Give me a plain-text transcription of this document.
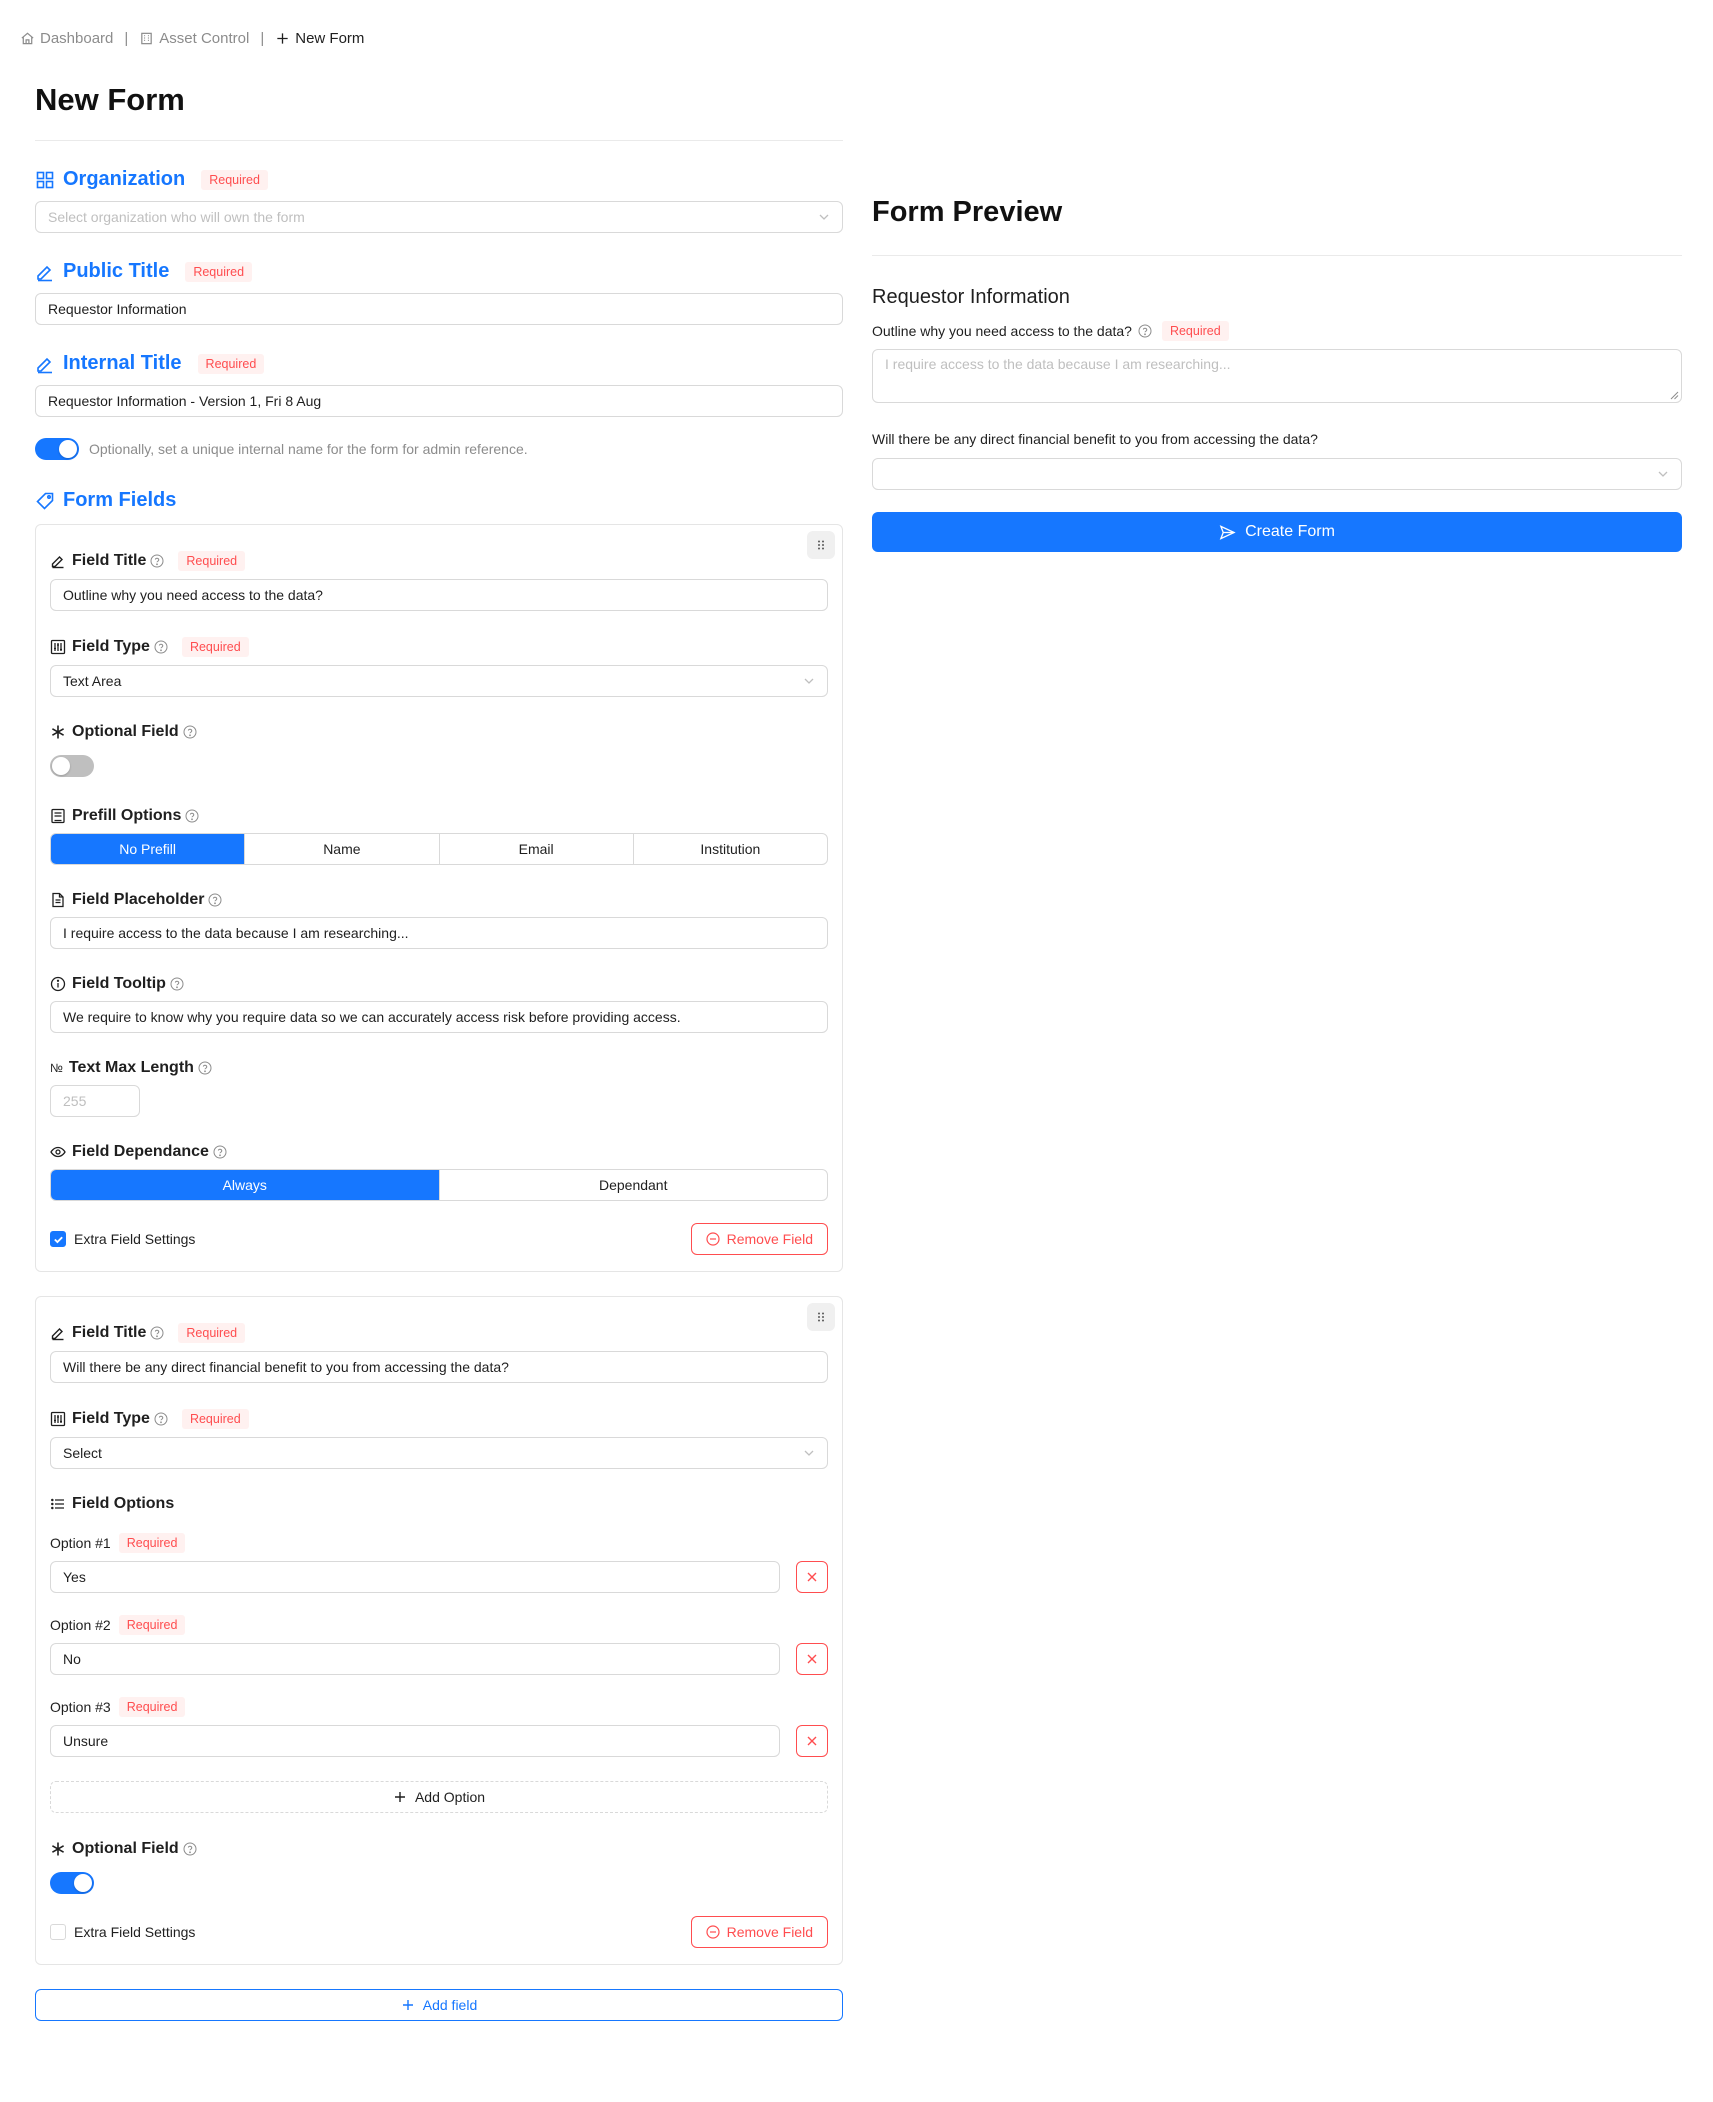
Dashboard | Asset Control | New Form
New Form
Organization	Required
Select organization who will own the form
Public Title	Required
Requestor Information
Internal Title	Required
Requestor Information - Version 1, Fri 8 Aug
Optionally, set a unique internal name for the form for admin reference.
Form Fields
Field Title	Required
Outline why you need access to the data?
Field Type	Required
Text Area
Optional Field
Prefill Options
No Prefill	Name	Email	Institution
Field Placeholder
I require access to the data because I am researching...
Field Tooltip
We require to know why you require data so we can accurately access risk before providing access.
№ Text Max Length
255
Field Dependance
Always	Dependant
Extra Field Settings	Remove Field
Field Title	Required
Will there be any direct financial benefit to you from accessing the data?
Field Type	Required
Select
Field Options
Option #1	Required
Yes
Option #2	Required
No
Option #3	Required
Unsure
Add Option
Optional Field
Extra Field Settings	Remove Field
Add field
Form Preview
Requestor Information
Outline why you need access to the data?	Required
I require access to the data because I am researching...
Will there be any direct financial benefit to you from accessing the data?
Create Form
